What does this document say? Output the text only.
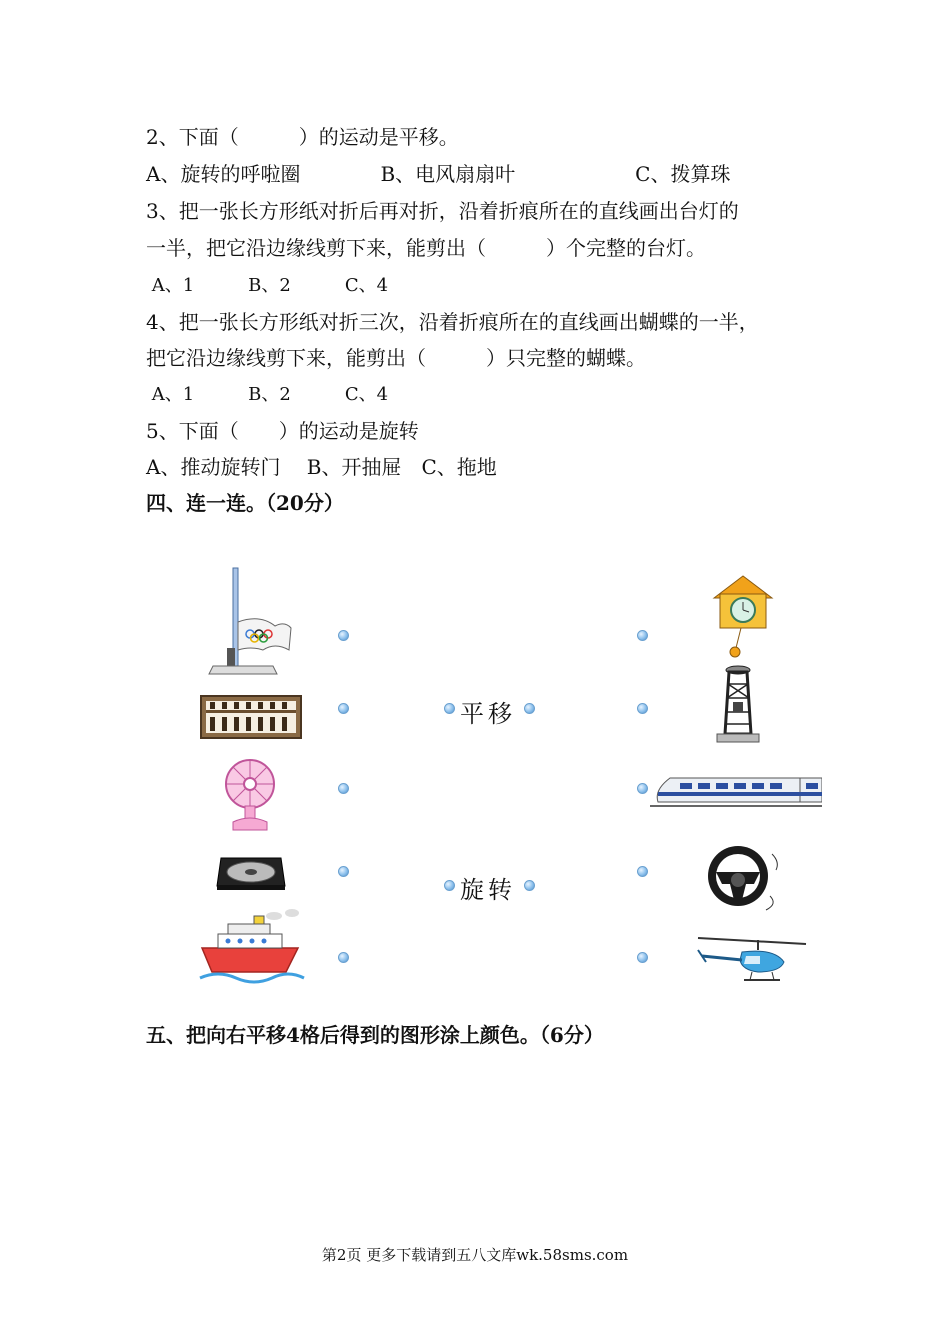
2、下面（　　　）的运动是平移。
A、旋转的呼啦圈　　　　B、电风扇扇叶　　　　　　C、拨算珠
3、把一张长方形纸对折后再对折，沿着折痕所在的直线画出台灯的
一半，把它沿边缘线剪下来，能剪出（　　　）个完整的台灯。
A、1　　　B、2　　　C、4
4、把一张长方形纸对折三次，沿着折痕所在的直线画出蝴蝶的一半，
把它沿边缘线剪下来，能剪出（　　　）只完整的蝴蝶。
A、1　　　B、2　　　C、4
5、下面（　　）的运动是旋转
A、推动旋转门　 B、开抽屉　C、拖地
四、连一连。（20分）
平移
旋转
五、把向右平移4格后得到的图形涂上颜色。（6分）
第2页 更多下载请到五八文库wk.58sms.com
